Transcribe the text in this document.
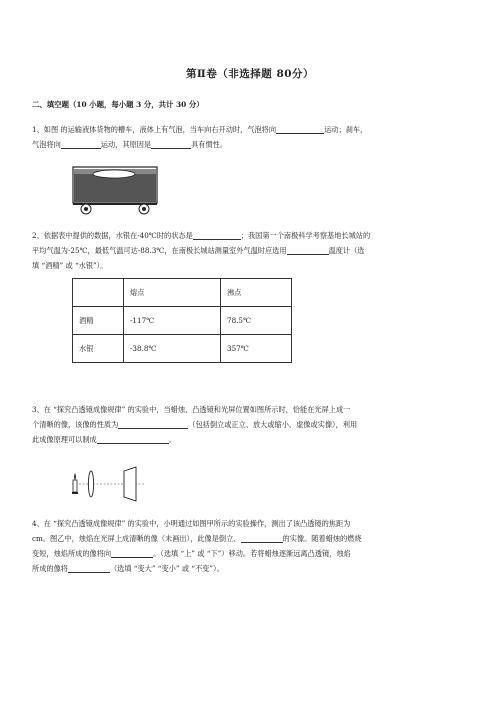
第Ⅱ卷（非选择题 80分）
二、填空题（10 小题，每小题 3 分，共计 30 分）
1、如图 的运输液体货物的槽车，液体上有气泡，当车向右开动时，气泡将向	运动；刹车，
气泡将向	运动，其原因是	具有惯性。
2、依据表中提供的数据，水银在-40℃时的状态是	；我国第一个南极科学考察基地长城站的
平均气温为-25℃，最低气温可达-88.3℃，在南极长城站测量室外气温时应选用	温度计（选
填 “酒精” 或 “水银”）。
	熔点	沸点
酒精	-117℃	78.5℃
水银	-38.8℃	357℃
3、在 “探究凸透镜成像规律” 的实验中，当蜡烛、凸透镜和光屏位置如图所示时，恰能在光屏上成一
个清晰的像，该像的性质为	（包括倒立或正立、放大或缩小、虚像或实像），利用
此成像原理可以制成	。
4、在 “探究凸透镜成像规律” 的实验中，小明通过如图甲所示的实验操作，测出了该凸透镜的焦距为
cm。图乙中，烛焰在光屏上成清晰的像（未画出），此像是倒立、	的实像。随着蜡烛的燃烧
变短，烛焰所成的像将向	。（选填 “上” 或 “下”）移动。若将蜡烛逐渐远离凸透镜，烛焰
所成的像将	（选填 “变大” “变小” 或 “不变”）。
